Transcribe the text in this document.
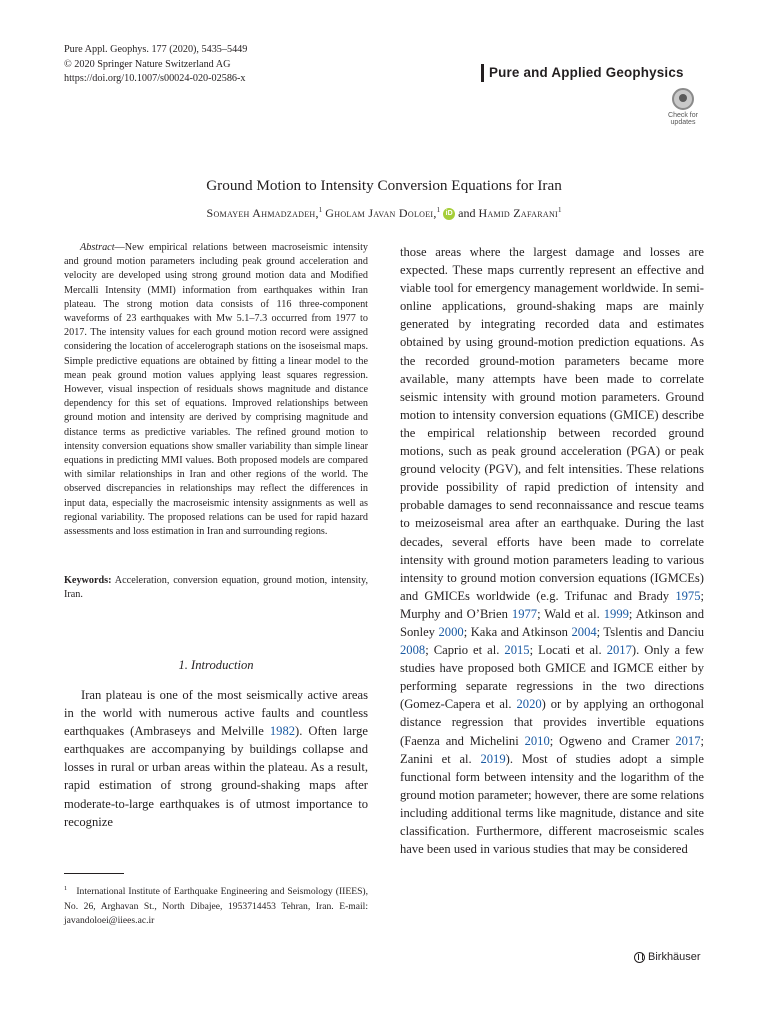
Pure Appl. Geophys. 177 (2020), 5435–5449
© 2020 Springer Nature Switzerland AG
https://doi.org/10.1007/s00024-020-02586-x	Pure and Applied Geophysics
Check for
updates
Ground Motion to Intensity Conversion Equations for Iran
Somayeh Ahmadzadeh,$^1$ Gholam Javan Doloei,$^1$ iD and Hamid Zafarani$^1$
Abstract—New empirical relations between macroseismic intensity and ground motion parameters including peak ground acceleration and velocity are developed using strong ground motion data and Modified Mercalli Intensity (MMI) information from earthquakes within Iran plateau. The strong motion data consists of 116 three-component waveforms of 23 earthquakes with Mw 5.1–7.3 occurred from 1977 to 2017. The intensity values for each ground motion record were assigned considering the location of accelerograph stations on the isoseismal maps. Simple predictive equations are obtained by fitting a linear model to the mean peak ground motion values applying least squares regression. However, visual inspection of residuals shows magnitude and distance dependency for this set of equations. Improved relationships between ground motion and intensity are derived by comprising magnitude and distance terms as predictive variables. The refined ground motion to intensity conversion equations show smaller variability than simple linear equations in predicting MMI values. Both proposed models are compared with similar relationships in Iran and other regions of the world. The observed discrepancies in relationships may reflect the differences in input data, especially the macroseismic intensity assignments as well as regional variability. The proposed relations can be used for rapid hazard assessments and loss estimation in Iran and surrounding regions.
Keywords: Acceleration, conversion equation, ground motion, intensity, Iran.
1. Introduction
Iran plateau is one of the most seismically active areas in the world with numerous active faults and countless earthquakes (Ambraseys and Melville 1982). Often large earthquakes are accompanying by buildings collapse and losses in rural or urban areas within the plateau. As a result, rapid estimation of strong ground-shaking maps after moderate-to-large earthquakes is of utmost importance to recognize
$^1$ International Institute of Earthquake Engineering and Seismology (IIEES), No. 26, Arghavan St., North Dibajee, 1953714453 Tehran, Iran. E-mail: javandoloei@iiees.ac.ir
those areas where the largest damage and losses are expected. These maps currently represent an effective and viable tool for emergency management worldwide. In semi-online applications, ground-shaking maps are mainly generated by integrating recorded data and estimates obtained by using ground-motion prediction equations. As the recorded ground-motion parameters became more available, many attempts have been made to correlate seismic intensity with ground motion parameters. Ground motion to intensity conversion equations (GMICE) describe the empirical relationship between recorded ground motions, such as peak ground acceleration (PGA) or peak ground velocity (PGV), and felt intensities. These relations provide possibility of rapid prediction of intensity and probable damages to send reconnaissance and rescue teams to meizoseismal area after an earthquake. During the last decades, several efforts have been made to correlate intensity with ground motion parameters leading to various intensity to ground motion conversion equations (IGMCEs) and GMICEs worldwide (e.g. Trifunac and Brady 1975; Murphy and O’Brien 1977; Wald et al. 1999; Atkinson and Sonley 2000; Kaka and Atkinson 2004; Tslentis and Danciu 2008; Caprio et al. 2015; Locati et al. 2017). Only a few studies have proposed both GMICE and IGMCE either by performing separate regressions in the two directions (Gomez-Capera et al. 2020) or by applying an orthogonal distance regression that provides invertible equations (Faenza and Michelini 2010; Ogweno and Cramer 2017; Zanini et al. 2019). Most of studies adopt a simple functional form between intensity and the logarithm of the ground motion parameter; however, there are some relations including additional terms like magnitude, distance and site classification. Furthermore, different macroseismic scales have been used in various studies that may be considered
Birkhäuser
